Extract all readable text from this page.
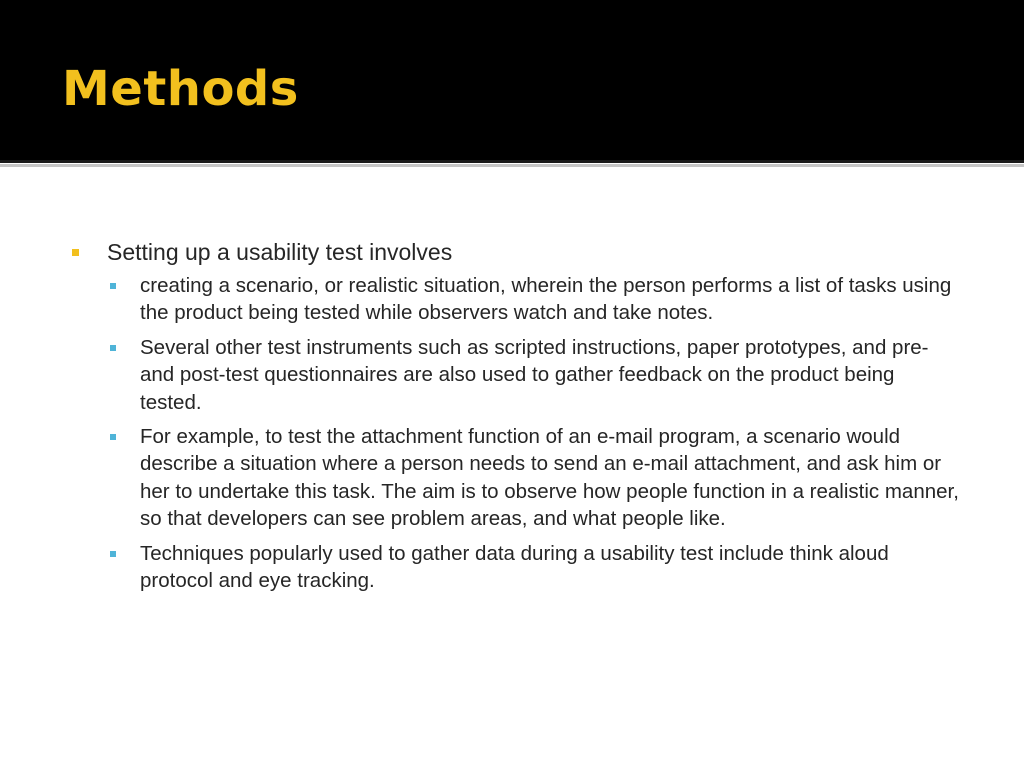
Methods
Setting up a usability test involves
creating a scenario, or realistic situation, wherein the person performs a list of tasks using the product being tested while observers watch and take notes.
Several other test instruments such as scripted instructions, paper prototypes, and pre- and post-test questionnaires are also used to gather feedback on the product being tested.
For example, to test the attachment function of an e-mail program, a scenario would describe a situation where a person needs to send an e-mail attachment, and ask him or her to undertake this task. The aim is to observe how people function in a realistic manner, so that developers can see problem areas, and what people like.
Techniques popularly used to gather data during a usability test include think aloud protocol and eye tracking.
